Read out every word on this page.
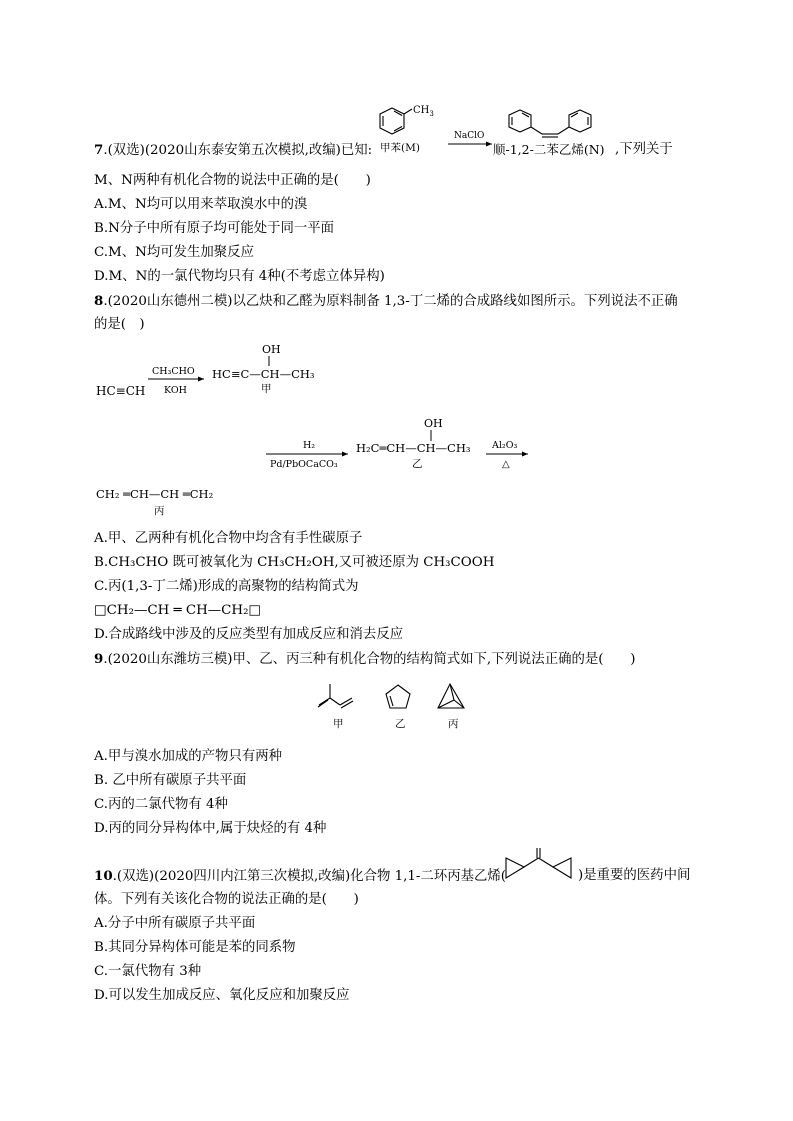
$CH_3$
甲苯(M)
NaClO
7.(双选)(2020山东泰安第五次模拟,改编)已知:	顺-1,2-二苯乙烯(N) ,下列关于
M、N两种有机化合物的说法中正确的是(　　)
A.M、N均可以用来萃取溴水中的溴
B.N分子中所有原子均可能处于同一平面
C.M、N均可发生加聚反应
D.M、N的一氯代物均只有 4种(不考虑立体异构)
8.(2020山东德州二模)以乙炔和乙醛为原料制备 1,3-丁二烯的合成路线如图所示。下列说法不正确
的是(　)
HC≡CH
CH₃CHO
KOH
OH
HC≡C—CH—CH₃
甲
H₂
Pd/PbOCaCO₃
OH
H₂C═CH—CH—CH₃
乙
Al₂O₃
△
CH₂ ═CH—CH ═CH₂
丙
A.甲、乙两种有机化合物中均含有手性碳原子
B.CH₃CHO 既可被氧化为 CH₃CH₂OH,又可被还原为 CH₃COOH
C.丙(1,3-丁二烯)形成的高聚物的结构简式为
□CH₂—CH ═ CH—CH₂□
D.合成路线中涉及的反应类型有加成反应和消去反应
9.(2020山东潍坊三模)甲、乙、丙三种有机化合物的结构简式如下,下列说法正确的是(　　)
甲	乙	丙
A.甲与溴水加成的产物只有两种
B. 乙中所有碳原子共平面
C.丙的二氯代物有 4种
D.丙的同分异构体中,属于炔烃的有 4种
10.(双选)(2020四川内江第三次模拟,改编)化合物 1,1-二环丙基乙烯(	)是重要的医药中间
体。下列有关该化合物的说法正确的是(　　)
A.分子中所有碳原子共平面
B.其同分异构体可能是苯的同系物
C.一氯代物有 3种
D.可以发生加成反应、氧化反应和加聚反应
